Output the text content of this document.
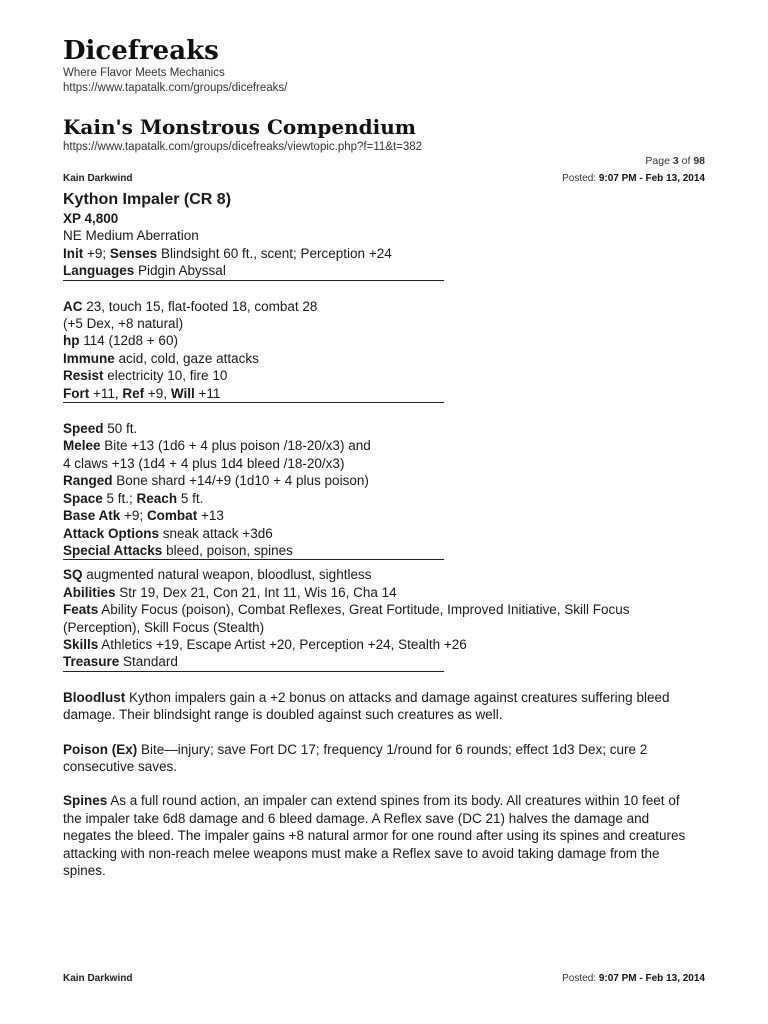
Dicefreaks
Where Flavor Meets Mechanics
https://www.tapatalk.com/groups/dicefreaks/
Kain's Monstrous Compendium
https://www.tapatalk.com/groups/dicefreaks/viewtopic.php?f=11&t=382
Page 3 of 98
Kain Darkwind	Posted: 9:07 PM - Feb 13, 2014
Kython Impaler (CR 8)
XP 4,800
NE Medium Aberration
Init +9; Senses Blindsight 60 ft., scent; Perception +24
Languages Pidgin Abyssal
AC 23, touch 15, flat-footed 18, combat 28
(+5 Dex, +8 natural)
hp 114 (12d8 + 60)
Immune acid, cold, gaze attacks
Resist electricity 10, fire 10
Fort +11, Ref +9, Will +11
Speed 50 ft.
Melee Bite +13 (1d6 + 4 plus poison /18-20/x3) and
4 claws +13 (1d4 + 4 plus 1d4 bleed /18-20/x3)
Ranged Bone shard +14/+9 (1d10 + 4 plus poison)
Space 5 ft.; Reach 5 ft.
Base Atk +9; Combat +13
Attack Options sneak attack +3d6
Special Attacks bleed, poison, spines
SQ augmented natural weapon, bloodlust, sightless
Abilities Str 19, Dex 21, Con 21, Int 11, Wis 16, Cha 14
Feats Ability Focus (poison), Combat Reflexes, Great Fortitude, Improved Initiative, Skill Focus
(Perception), Skill Focus (Stealth)
Skills Athletics +19, Escape Artist +20, Perception +24, Stealth +26
Treasure Standard
Bloodlust Kython impalers gain a +2 bonus on attacks and damage against creatures suffering bleed
damage. Their blindsight range is doubled against such creatures as well.
Poison (Ex) Bite—injury; save Fort DC 17; frequency 1/round for 6 rounds; effect 1d3 Dex; cure 2
consecutive saves.
Spines As a full round action, an impaler can extend spines from its body. All creatures within 10 feet of
the impaler take 6d8 damage and 6 bleed damage. A Reflex save (DC 21) halves the damage and
negates the bleed. The impaler gains +8 natural armor for one round after using its spines and creatures
attacking with non-reach melee weapons must make a Reflex save to avoid taking damage from the
spines.
Kain Darkwind	Posted: 9:07 PM - Feb 13, 2014
